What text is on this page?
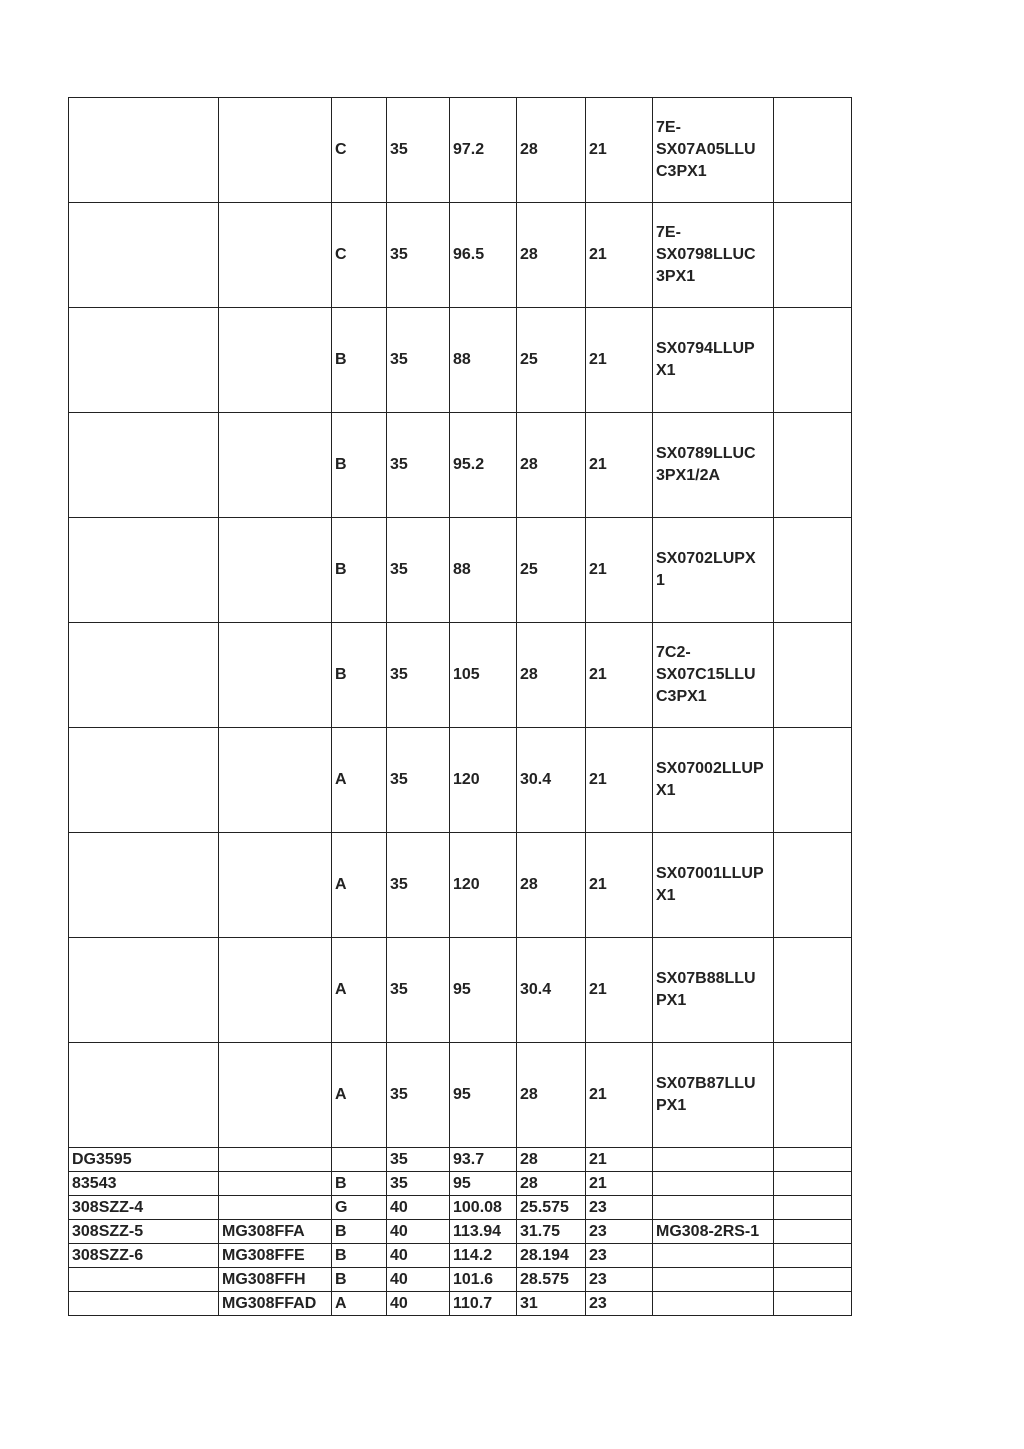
		C	35	97.2	28	21	7E-
SX07A05LLU
C3PX1	
		C	35	96.5	28	21	7E-
SX0798LLUC
3PX1	
		B	35	88	25	21	SX0794LLUP
X1	
		B	35	95.2	28	21	SX0789LLUC
3PX1/2A	
		B	35	88	25	21	SX0702LUPX
1	
		B	35	105	28	21	7C2-
SX07C15LLU
C3PX1	
		A	35	120	30.4	21	SX07002LLUP
X1	
		A	35	120	28	21	SX07001LLUP
X1	
		A	35	95	30.4	21	SX07B88LLU
PX1	
		A	35	95	28	21	SX07B87LLU
PX1	
DG3595			35	93.7	28	21		
83543		B	35	95	28	21		
308SZZ-4		G	40	100.08	25.575	23		
308SZZ-5	MG308FFA	B	40	113.94	31.75	23	MG308-2RS-1	
308SZZ-6	MG308FFE	B	40	114.2	28.194	23		
	MG308FFH	B	40	101.6	28.575	23		
	MG308FFAD	A	40	110.7	31	23		
